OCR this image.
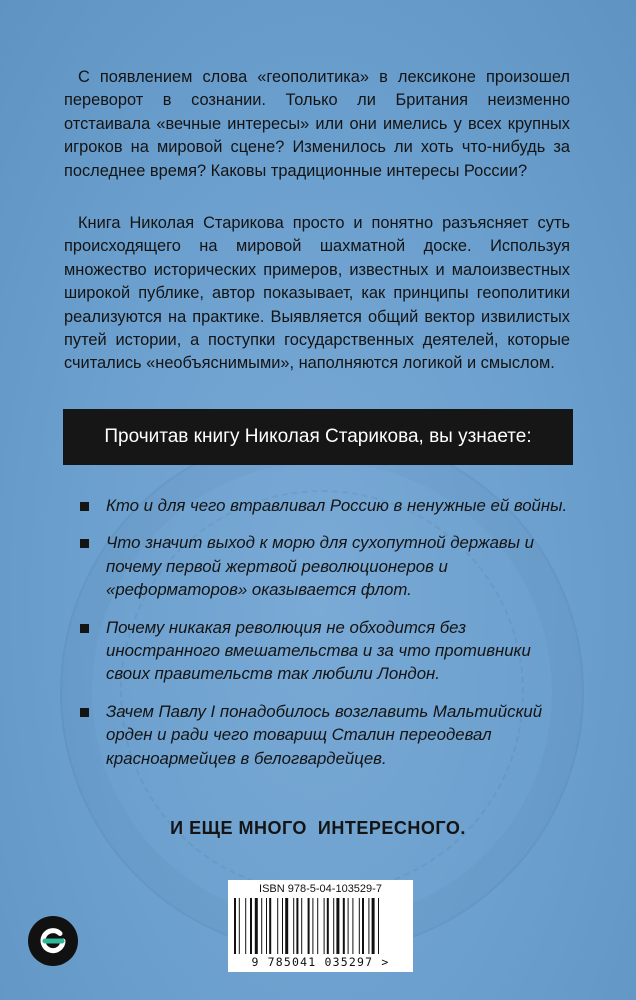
С появлением слова «геополитика» в лексиконе произошел переворот в сознании. Только ли Британия неизменно отстаивала «вечные интересы» или они имелись у всех крупных игроков на мировой сцене? Изменилось ли хоть что-нибудь за последнее время? Каковы традиционные интересы России?

Книга Николая Старикова просто и понятно разъясняет суть происходящего на мировой шахматной доске. Используя множество исторических примеров, известных и малоизвестных широкой публике, автор показывает, как принципы геополитики реализуются на практике. Выявляется общий вектор извилистых путей истории, а поступки государственных деятелей, которые считались «необъяснимыми», наполняются логикой и смыслом.

Прочитав книгу Николая Старикова, вы узнаете:
Кто и для чего втравливал Россию в ненужные ей войны.
Что значит выход к морю для сухопутной державы и почему первой жертвой революционеров и «реформаторов» оказывается флот.
Почему никакая революция не обходится без иностранного вмешательства и за что противники своих правительств так любили Лондон.
Зачем Павлу I понадобилось возглавить Мальтийский орден и ради чего товарищ Сталин переодевал красноармейцев в белогвардейцев.
И ЕЩЕ МНОГО  ИНТЕРЕСНОГО.
ISBN 978-5-04-103529-7
9 785041 035297 >
